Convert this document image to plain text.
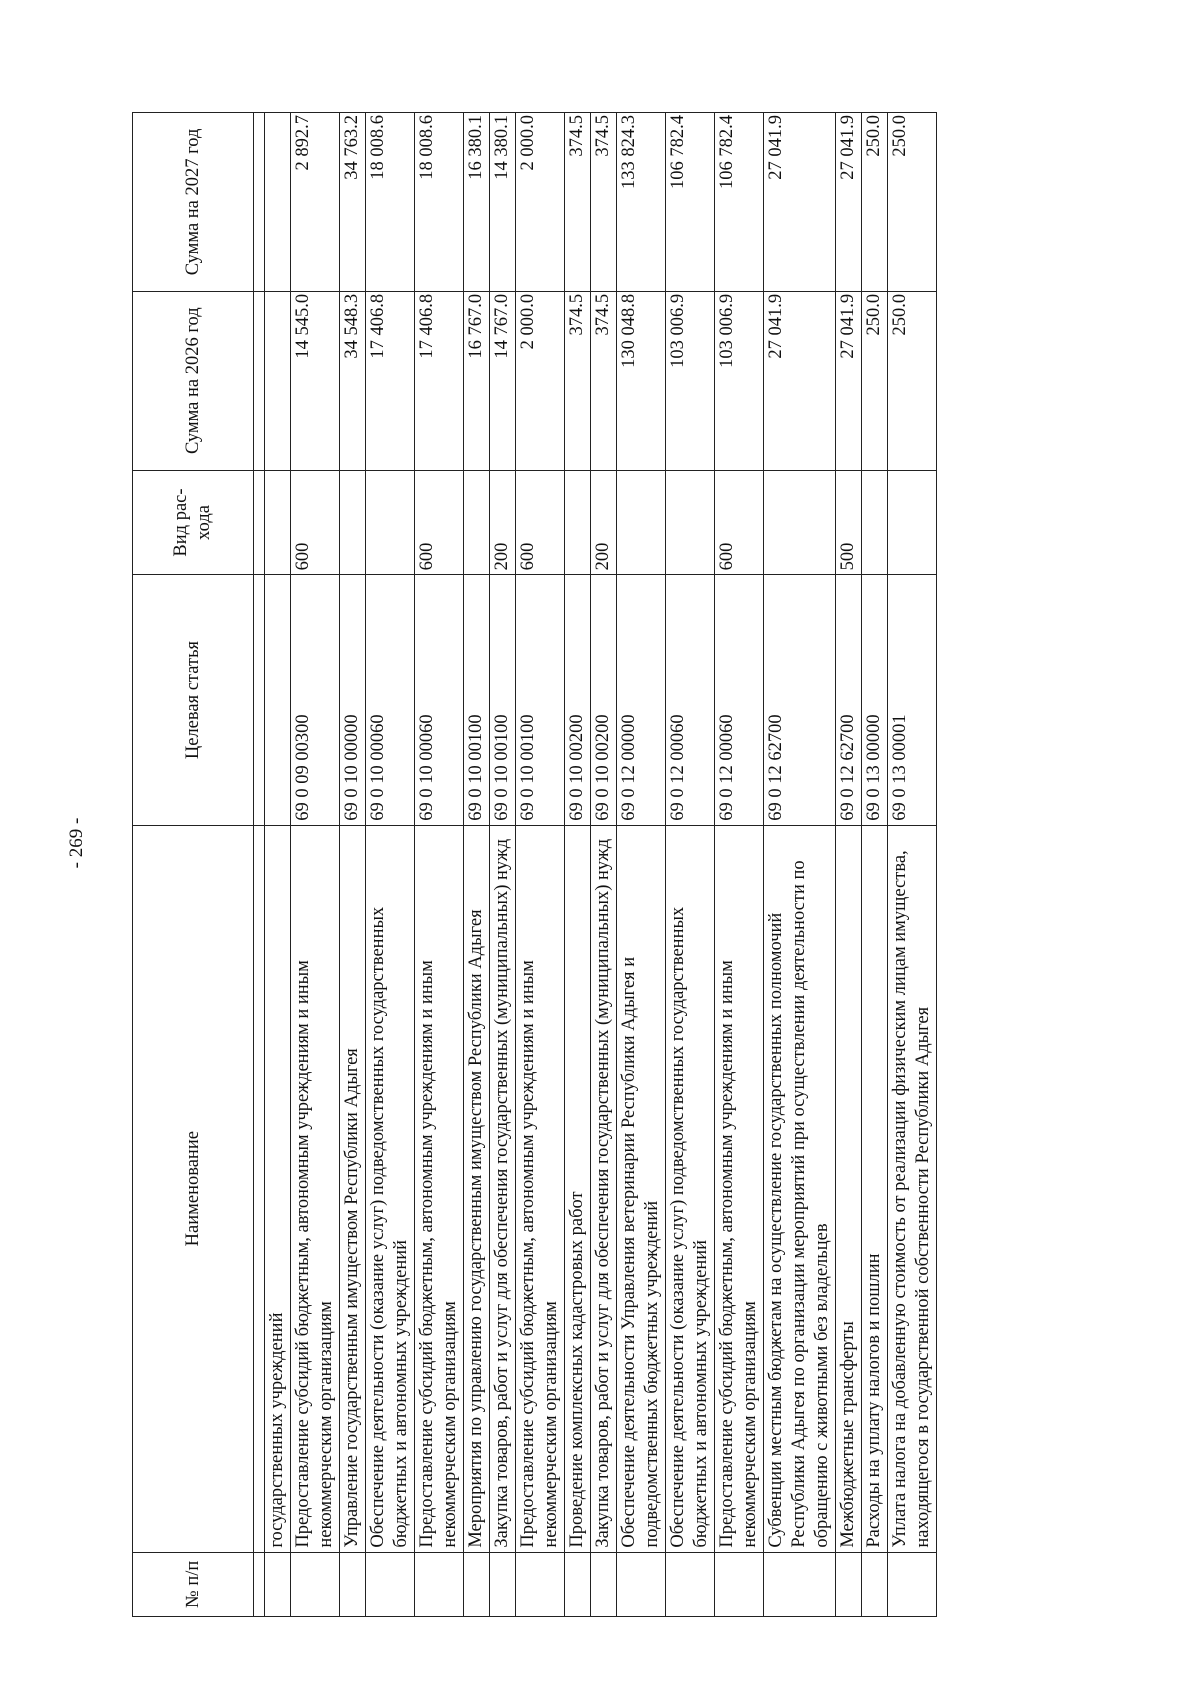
- 269 -
№ п/п	Наименование	Целевая статья	Вид рас-хода	Сумма на 2026 год	Сумма на 2027 год

	государственных учреждений				
	Предоставление субсидий бюджетным, автономным учреждениям и иным некоммерческим организациям	69 0 09 00300	600	14 545.0	2 892.7
	Управление государственным имуществом Республики Адыгея	69 0 10 00000		34 548.3	34 763.2
	Обеспечение деятельности (оказание услуг) подведомственных государственных бюджетных и автономных учреждений	69 0 10 00060		17 406.8	18 008.6
	Предоставление субсидий бюджетным, автономным учреждениям и иным некоммерческим организациям	69 0 10 00060	600	17 406.8	18 008.6
	Мероприятия по управлению государственным имуществом Республики Адыгея	69 0 10 00100		16 767.0	16 380.1
	Закупка товаров, работ и услуг для обеспечения государственных (муниципальных) нужд	69 0 10 00100	200	14 767.0	14 380.1
	Предоставление субсидий бюджетным, автономным учреждениям и иным некоммерческим организациям	69 0 10 00100	600	2 000.0	2 000.0
	Проведение комплексных кадастровых работ	69 0 10 00200		374.5	374.5
	Закупка товаров, работ и услуг для обеспечения государственных (муниципальных) нужд	69 0 10 00200	200	374.5	374.5
	Обеспечение деятельности Управления ветеринарии Республики Адыгея и подведомственных бюджетных учреждений	69 0 12 00000		130 048.8	133 824.3
	Обеспечение деятельности (оказание услуг) подведомственных государственных бюджетных и автономных учреждений	69 0 12 00060		103 006.9	106 782.4
	Предоставление субсидий бюджетным, автономным учреждениям и иным некоммерческим организациям	69 0 12 00060	600	103 006.9	106 782.4
	Субвенции местным бюджетам на осуществление государственных полномочий Республики Адыгея по организации мероприятий при осуществлении деятельности по обращению с животными без владельцев	69 0 12 62700		27 041.9	27 041.9
	Межбюджетные трансферты	69 0 12 62700	500	27 041.9	27 041.9
	Расходы на уплату налогов и пошлин	69 0 13 00000		250.0	250.0
	Уплата налога на добавленную стоимость от реализации физическим лицам имущества, находящегося в государственной собственности Республики Адыгея	69 0 13 00001		250.0	250.0
